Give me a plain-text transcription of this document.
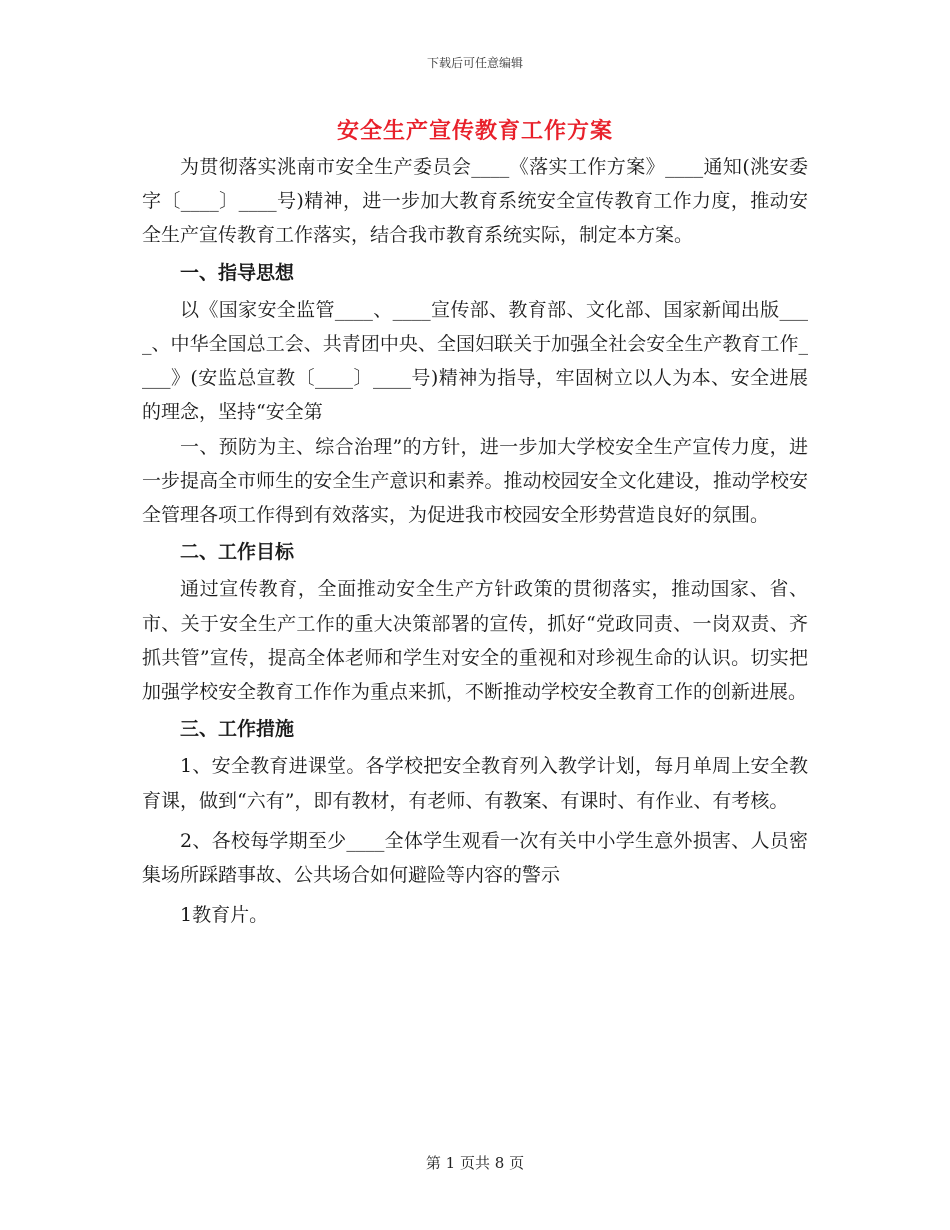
下载后可任意编辑
安全生产宣传教育工作方案

为贯彻落实洮南市安全生产委员会____《落实工作方案》____通知(洮安委字〔____〕____号)精神，进一步加大教育系统安全宣传教育工作力度，推动安全生产宣传教育工作落实，结合我市教育系统实际，制定本方案。

一、指导思想

以《国家安全监管____、____宣传部、教育部、文化部、国家新闻出版____、中华全国总工会、共青团中央、全国妇联关于加强全社会安全生产教育工作____》(安监总宣教〔____〕____号)精神为指导，牢固树立以人为本、安全进展的理念，坚持“安全第

一、预防为主、综合治理”的方针，进一步加大学校安全生产宣传力度，进一步提高全市师生的安全生产意识和素养。推动校园安全文化建设，推动学校安全管理各项工作得到有效落实，为促进我市校园安全形势营造良好的氛围。

二、工作目标

通过宣传教育，全面推动安全生产方针政策的贯彻落实，推动国家、省、市、关于安全生产工作的重大决策部署的宣传，抓好“党政同责、一岗双责、齐抓共管”宣传，提高全体老师和学生对安全的重视和对珍视生命的认识。切实把加强学校安全教育工作作为重点来抓，不断推动学校安全教育工作的创新进展。

三、工作措施

1、安全教育进课堂。各学校把安全教育列入教学计划，每月单周上安全教育课，做到“六有”，即有教材，有老师、有教案、有课时、有作业、有考核。

2、各校每学期至少____全体学生观看一次有关中小学生意外损害、人员密集场所踩踏事故、公共场合如何避险等内容的警示

1教育片。

第 1 页共 8 页
